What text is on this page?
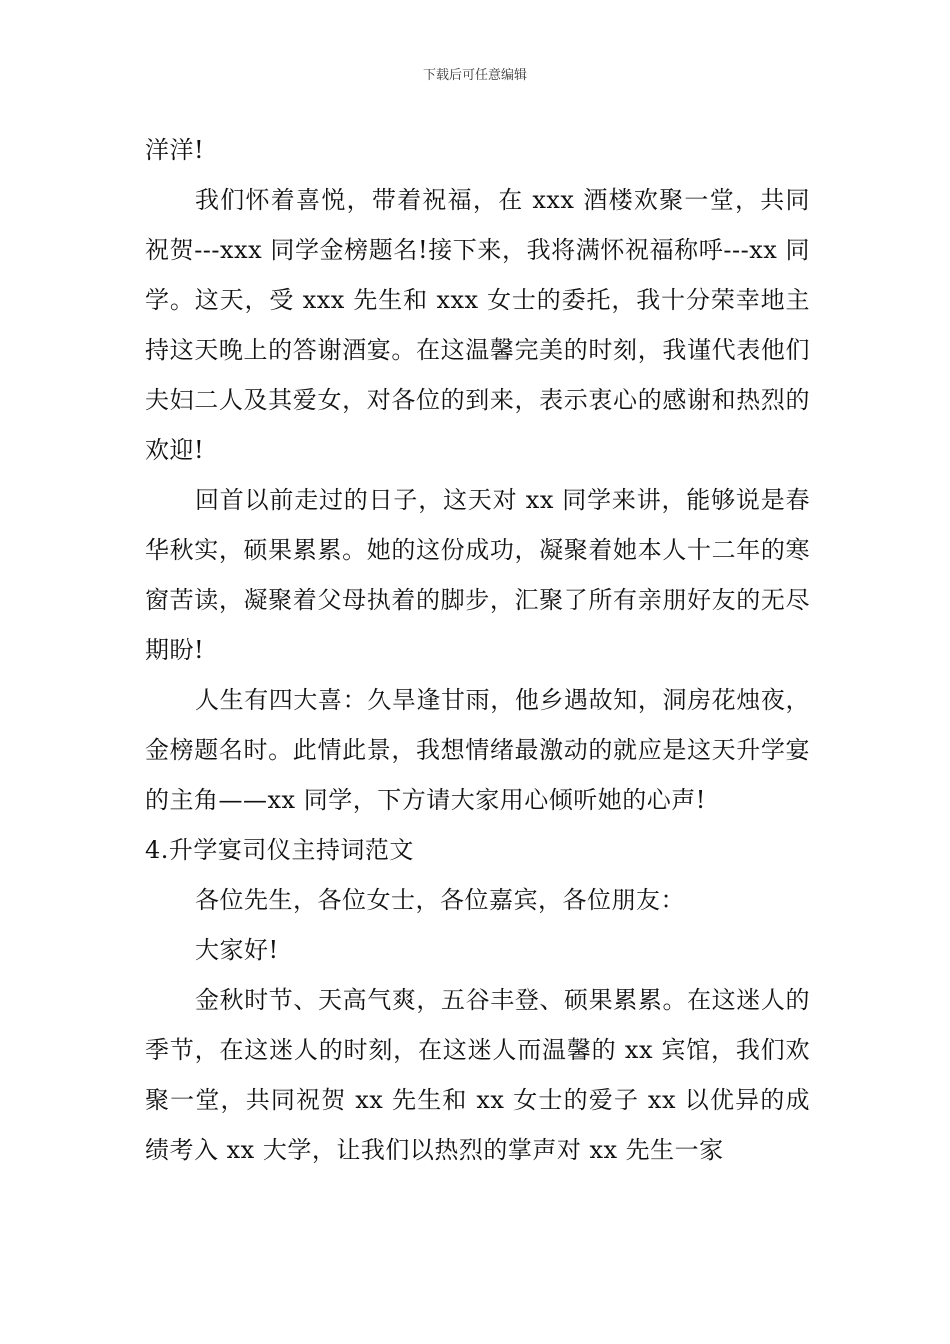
下载后可任意编辑

洋洋!

我们怀着喜悦，带着祝福，在 xxx 酒楼欢聚一堂，共同祝贺---xxx 同学金榜题名!接下来，我将满怀祝福称呼---xx 同学。这天，受 xxx 先生和 xxx 女士的委托，我十分荣幸地主持这天晚上的答谢酒宴。在这温馨完美的时刻，我谨代表他们夫妇二人及其爱女，对各位的到来，表示衷心的感谢和热烈的欢迎!

回首以前走过的日子，这天对 xx 同学来讲，能够说是春华秋实，硕果累累。她的这份成功，凝聚着她本人十二年的寒窗苦读，凝聚着父母执着的脚步，汇聚了所有亲朋好友的无尽期盼!

人生有四大喜：久旱逢甘雨，他乡遇故知，洞房花烛夜，金榜题名时。此情此景，我想情绪最激动的就应是这天升学宴的主角——xx 同学，下方请大家用心倾听她的心声!

4.升学宴司仪主持词范文

各位先生，各位女士，各位嘉宾，各位朋友：

大家好!

金秋时节、天高气爽，五谷丰登、硕果累累。在这迷人的季节，在这迷人的时刻，在这迷人而温馨的 xx 宾馆，我们欢聚一堂，共同祝贺 xx 先生和 xx 女士的爱子 xx 以优异的成绩考入 xx 大学，让我们以热烈的掌声对 xx 先生一家
